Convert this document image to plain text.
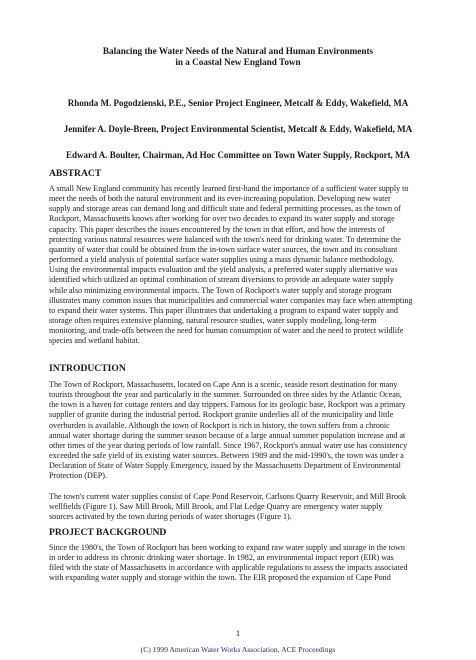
Balancing the Water Needs of the Natural and Human Environments
in a Coastal New England Town
Rhonda M. Pogodzienski, P.E., Senior Project Engineer, Metcalf & Eddy, Wakefield, MA
Jennifer A. Doyle-Breen, Project Environmental Scientist, Metcalf & Eddy, Wakefield, MA
Edward A. Boulter, Chairman, Ad Hoc Committee on Town Water Supply, Rockport, MA
ABSTRACT
A small New England community has recently learned first-hand the importance of a sufficient water supply to
meet the needs of both the natural environment and its ever-increasing population. Developing new water
supply and storage areas can demand long and difficult state and federal permitting processes, as the town of
Rockport, Massachusetts knows after working for over two decades to expand its water supply and storage
capacity. This paper describes the issues encountered by the town in that effort, and how the interests of
protecting various natural resources were balanced with the town's need for drinking water. To determine the
quantity of water that could be obtained from the in-town surface water sources, the town and its consultant
performed a yield analysis of potential surface water supplies using a mass dynamic balance methodology.
Using the environmental impacts evaluation and the yield analysis, a preferred water supply alternative was
identified which utilized an optimal combination of stream diversions to provide an adequate water supply
while also minimizing environmental impacts. The Town of Rockport's water supply and storage program
illustrates many common issues that municipalities and commercial water companies may face when attempting
to expand their water systems. This paper illustrates that undertaking a program to expand water supply and
storage often requires extensive planning, natural resource studies, water supply modeling, long-term
monitoring, and trade-offs between the need for human consumption of water and the need to protect wildlife
species and wetland habitat.
INTRODUCTION
The Town of Rockport, Massachusetts, located on Cape Ann is a scenic, seaside resort destination for many
tourists throughout the year and particularly in the summer. Surrounded on three sides by the Atlantic Ocean,
the town is a haven for cottage renters and day trippers. Famous for its geologic base, Rockport was a primary
supplier of granite during the industrial period. Rockport granite underlies all of the municipality and little
overburden is available. Although the town of Rockport is rich in history, the town suffers from a chronic
annual water shortage during the summer season because of a large annual summer population increase and at
other times of the year during periods of low rainfall. Since 1967, Rockport's annual water use has consistency
exceeded the safe yield of its existing water sources. Between 1989 and the mid-1990's, the town was under a
Declaration of State of Water Supply Emergency, issued by the Massachusetts Department of Environmental
Protection (DEP).
The town's current water supplies consist of Cape Pond Reservoir, Carlsons Quarry Reservoir, and Mill Brook
wellfields (Figure 1). Saw Mill Brook, Mill Brook, and Flat Ledge Quarry are emergency water supply
sources activated by the town during periods of water shortages (Figure 1).
PROJECT BACKGROUND
Since the 1980's, the Town of Rockport has been working to expand raw water supply and storage in the town
in order to address its chronic drinking water shortage. In 1982, an environmental impact report (EIR) was
filed with the state of Massachusetts in accordance with applicable regulations to assess the impacts associated
with expanding water supply and storage within the town. The EIR proposed the expansion of Cape Pond
1
(C) 1999 American Water Works Association, ACE Proceedings
